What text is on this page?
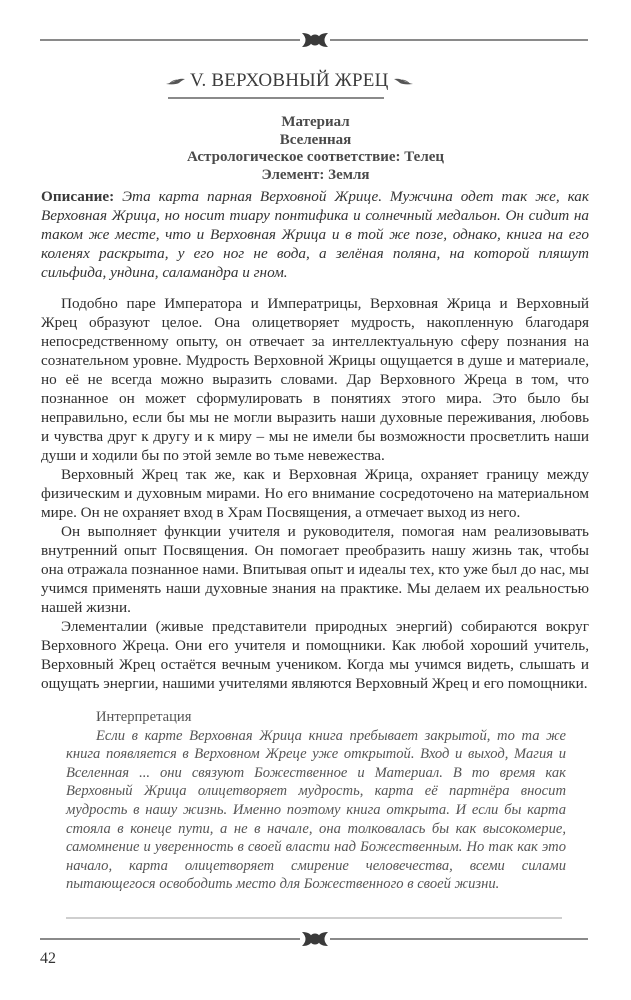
V. ВЕРХОВНЫЙ ЖРЕЦ
Материал
Вселенная
Астрологическое соответствие: Телец
Элемент: Земля
Описание: Эта карта парная Верховной Жрице. Мужчина одет так же, как Верховная Жрица, но носит тиару понтифика и солнечный медальон. Он сидит на таком же месте, что и Верховная Жрица и в той же позе, однако, книга на его коленях раскрыта, у его ног не вода, а зелёная поляна, на которой пляшут сильфида, ундина, саламандра и гном.

Подобно паре Императора и Императрицы, Верховная Жрица и Верховный Жрец образуют целое. Она олицетворяет мудрость, накопленную благодаря непосредственному опыту, он отвечает за интеллектуальную сферу познания на сознательном уровне. Мудрость Верховной Жрицы ощущается в душе и материале, но её не всегда можно выразить словами. Дар Верховного Жреца в том, что познанное он может сформулировать в понятиях этого мира. Это было бы неправильно, если бы мы не могли выразить наши духовные переживания, любовь и чувства друг к другу и к миру – мы не имели бы возможности просветлить наши души и ходили бы по этой земле во тьме невежества.

Верховный Жрец так же, как и Верховная Жрица, охраняет границу между физическим и духовным мирами. Но его внимание сосредоточено на материальном мире. Он не охраняет вход в Храм Посвящения, а отмечает выход из него.

Он выполняет функции учителя и руководителя, помогая нам реализовывать внутренний опыт Посвящения. Он помогает преобразить нашу жизнь так, чтобы она отражала познанное нами. Впитывая опыт и идеалы тех, кто уже был до нас, мы учимся применять наши духовные знания на практике. Мы делаем их реальностью нашей жизни.

Элементалии (живые представители природных энергий) собираются вокруг Верховного Жреца. Они его учителя и помощники. Как любой хороший учитель, Верховный Жрец остаётся вечным учеником. Когда мы учимся видеть, слышать и ощущать энергии, нашими учителями являются Верховный Жрец и его помощники.

Интерпретация
Если в карте Верховная Жрица книга пребывает закрытой, то та же книга появляется в Верховном Жреце уже открытой. Вход и выход, Магия и Вселенная ... они связуют Божественное и Материал. В то время как Верховный Жрица олицетворяет мудрость, карта её партнёра вносит мудрость в нашу жизнь. Именно поэтому книга открыта. И если бы карта стояла в конеце пути, а не в начале, она толковалась бы как высокомерие, самомнение и уверенность в своей власти над Божественным. Но так как это начало, карта олицетворяет смирение человечества, всеми силами пытающегося освободить место для Божественного в своей жизни.
42
